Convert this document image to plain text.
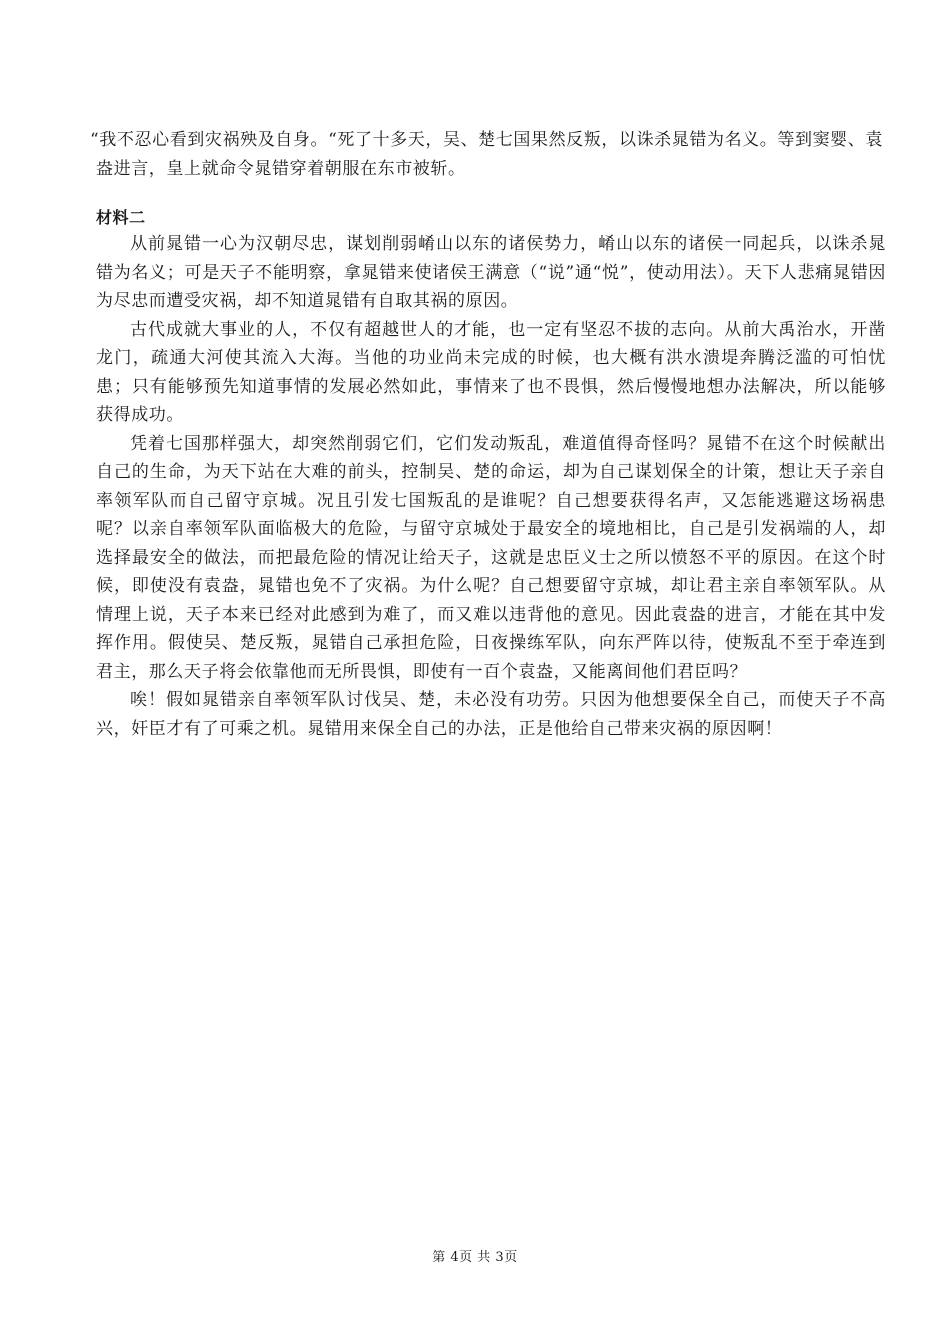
“我不忍心看到灾祸殃及自身。“死了十多天，吴、楚七国果然反叛，以诛杀晁错为名义。等到窦婴、袁盎进言，皇上就命令晁错穿着朝服在东市被斩。

材料二

从前晁错一心为汉朝尽忠，谋划削弱崤山以东的诸侯势力，崤山以东的诸侯一同起兵，以诛杀晁错为名义；可是天子不能明察，拿晁错来使诸侯王满意（“说”通“悦”，使动用法）。天下人悲痛晁错因为尽忠而遭受灾祸，却不知道晁错有自取其祸的原因。

古代成就大事业的人，不仅有超越世人的才能，也一定有坚忍不拔的志向。从前大禹治水，开凿龙门，疏通大河使其流入大海。当他的功业尚未完成的时候，也大概有洪水溃堤奔腾泛滥的可怕忧患；只有能够预先知道事情的发展必然如此，事情来了也不畏惧，然后慢慢地想办法解决，所以能够获得成功。

凭着七国那样强大，却突然削弱它们，它们发动叛乱，难道值得奇怪吗？晁错不在这个时候献出自己的生命，为天下站在大难的前头，控制吴、楚的命运，却为自己谋划保全的计策，想让天子亲自率领军队而自己留守京城。况且引发七国叛乱的是谁呢？自己想要获得名声，又怎能逃避这场祸患呢？以亲自率领军队面临极大的危险，与留守京城处于最安全的境地相比，自己是引发祸端的人，却选择最安全的做法，而把最危险的情况让给天子，这就是忠臣义士之所以愤怒不平的原因。在这个时候，即使没有袁盎，晁错也免不了灾祸。为什么呢？自己想要留守京城，却让君主亲自率领军队。从情理上说，天子本来已经对此感到为难了，而又难以违背他的意见。因此袁盎的进言，才能在其中发挥作用。假使吴、楚反叛，晁错自己承担危险，日夜操练军队，向东严阵以待，使叛乱不至于牵连到君主，那么天子将会依靠他而无所畏惧，即使有一百个袁盎，又能离间他们君臣吗？

唉！假如晁错亲自率领军队讨伐吴、楚，未必没有功劳。只因为他想要保全自己，而使天子不高兴，奸臣才有了可乘之机。晁错用来保全自己的办法，正是他给自己带来灾祸的原因啊！

第 4页 共 3页
